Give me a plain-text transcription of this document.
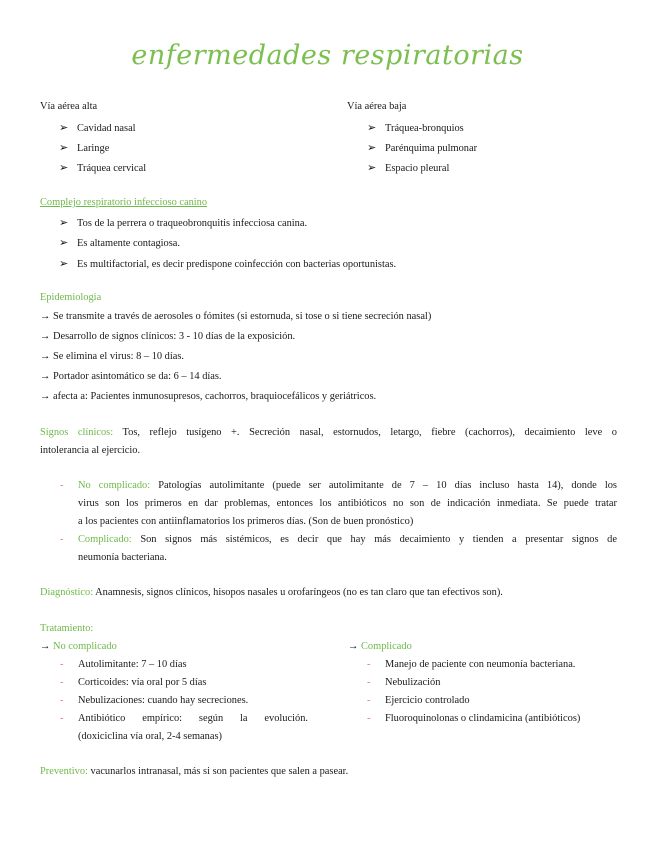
enfermedades respiratorias
Vía aérea alta
➢ Cavidad nasal
➢ Laringe
➢ Tráquea cervical
Vía aérea baja
➢ Tráquea-bronquios
➢ Parénquima pulmonar
➢ Espacio pleural
Complejo respiratorio infeccioso canino
➢ Tos de la perrera o traqueobronquitis infecciosa canina.
➢ Es altamente contagiosa.
➢ Es multifactorial, es decir predispone coinfección con bacterias oportunistas.
Epidemiologia
→ Se transmite a través de aerosoles o fómites (si estornuda, si tose o si tiene secreción nasal)
→ Desarrollo de signos clínicos: 3 - 10 días de la exposición.
→ Se elimina el virus: 8 – 10 días.
→ Portador asintomático se da: 6 – 14 días.
→ afecta a: Pacientes inmunosupresos, cachorros, braquiocefálicos y geriátricos.
Signos clínicos: Tos, reflejo tusígeno +. Secreción nasal, estornudos, letargo, fiebre (cachorros), decaimiento leve o
intolerancia al ejercicio.
- No complicado: Patologías autolimitante (puede ser autolimitante de 7 – 10 días incluso hasta 14), donde los
virus son los primeros en dar problemas, entonces los antibióticos no son de indicación inmediata. Se puede tratar
a los pacientes con antiinflamatorios los primeros días. (Son de buen pronóstico)
- Complicado: Son signos más sistémicos, es decir que hay más decaimiento y tienden a presentar signos de
neumonía bacteriana.
Diagnóstico: Anamnesis, signos clínicos, hisopos nasales u orofaríngeos (no es tan claro que tan efectivos son).
Tratamiento:
→ No complicado
- Autolimitante: 7 – 10 días
- Corticoides: vía oral por 5 días
- Nebulizaciones: cuando hay secreciones.
- Antibiótico empírico: según la evolución.
(doxiciclina vía oral, 2-4 semanas)
→ Complicado
- Manejo de paciente con neumonía bacteriana.
- Nebulización
- Ejercicio controlado
- Fluoroquinolonas o clindamicina (antibióticos)
Preventivo: vacunarlos intranasal, más si son pacientes que salen a pasear.
